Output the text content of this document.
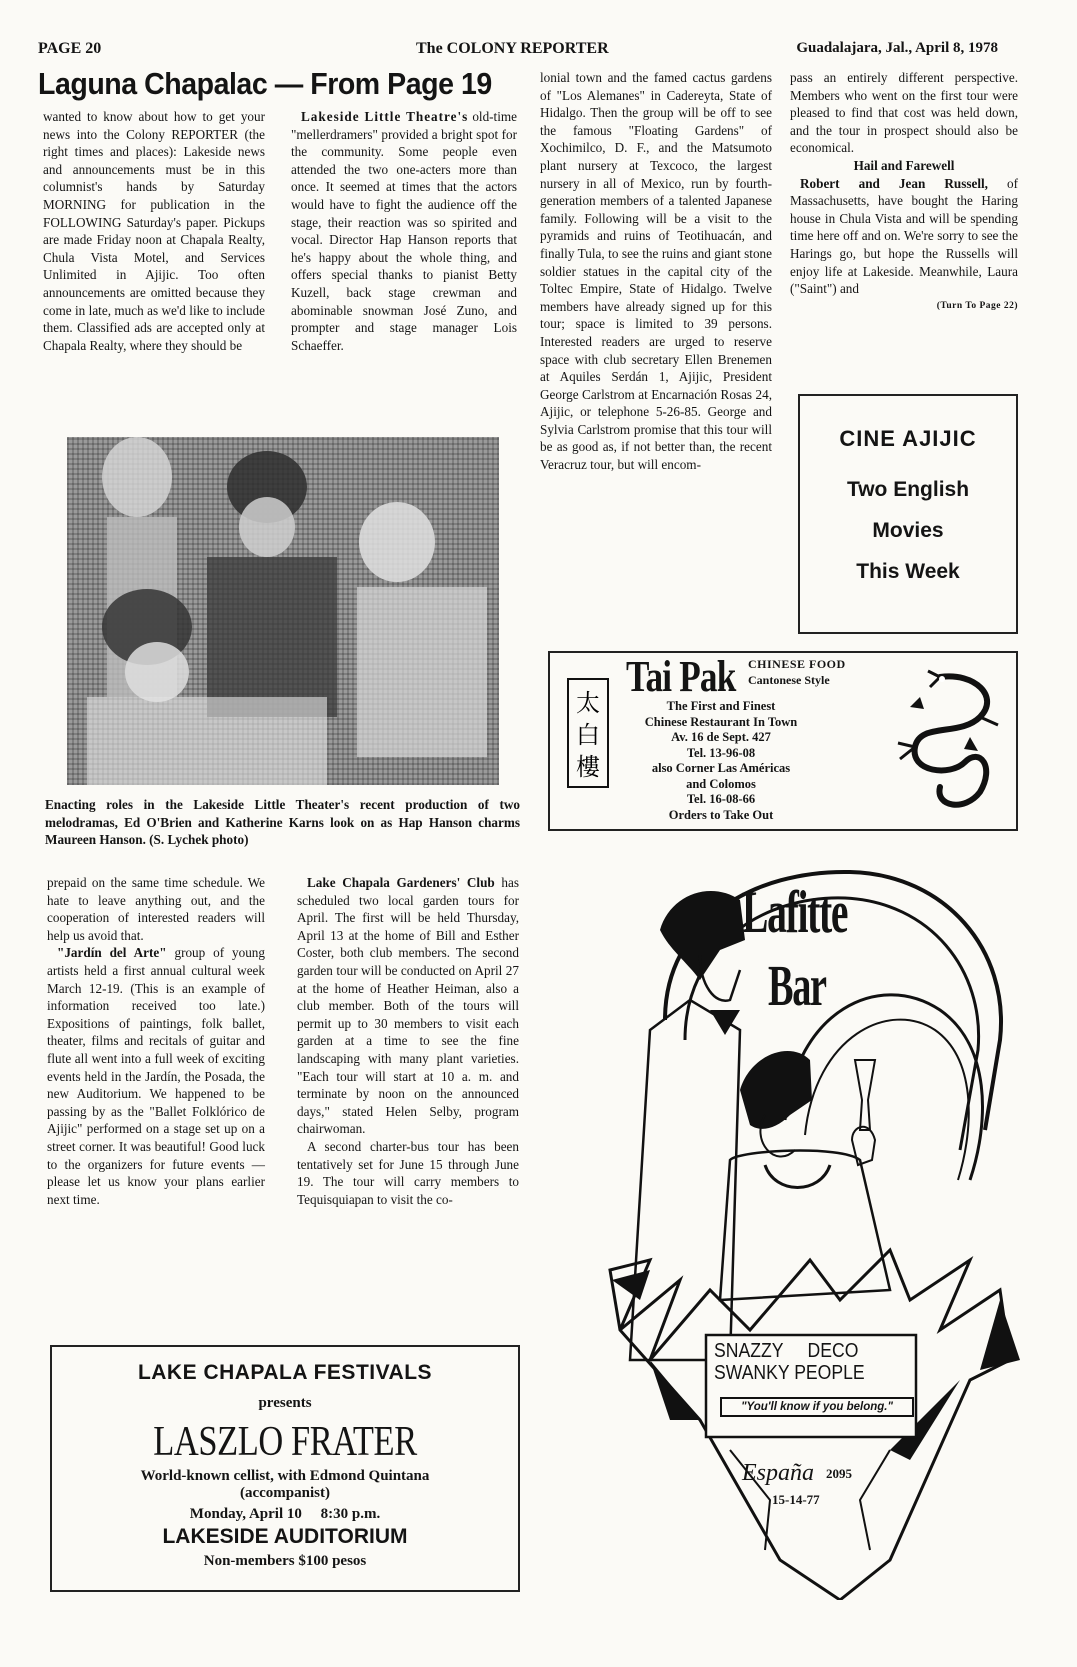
PAGE 20	The COLONY REPORTER	Guadalajara, Jal., April 8, 1978
Laguna Chapalac — From Page 19

wanted to know about how to get your news into the Colony REPORTER (the right times and places): Lakeside news and announcements must be in this columnist's hands by Saturday MORNING for publication in the FOLLOWING Saturday's paper. Pickups are made Friday noon at Chapala Realty, Chula Vista Motel, and Services Unlimited in Ajijic. Too often announcements are omitted because they come in late, much as we'd like to include them. Classified ads are accepted only at Chapala Realty, where they should be

Lakeside Little Theatre's old-time "mellerdramers" provided a bright spot for the community. Some people even attended the two one-acters more than once. It seemed at times that the actors would have to fight the audience off the stage, their reaction was so spirited and vocal. Director Hap Hanson reports that he's happy about the whole thing, and offers special thanks to pianist Betty Kuzell, back stage crewman and abominable snowman José Zuno, and prompter and stage manager Lois Schaeffer.

Enacting roles in the Lakeside Little Theater's recent production of two melodramas, Ed O'Brien and Katherine Karns look on as Hap Hanson charms Maureen Hanson. (S. Lychek photo)

prepaid on the same time schedule. We hate to leave anything out, and the cooperation of interested readers will help us avoid that.

"Jardín del Arte" group of young artists held a first annual cultural week March 12-19. (This is an example of information received too late.) Expositions of paintings, folk ballet, theater, films and recitals of guitar and flute all went into a full week of exciting events held in the Jardín, the Posada, the new Auditorium. We happened to be passing by as the "Ballet Folklórico de Ajijic" performed on a stage set up on a street corner. It was beautiful! Good luck to the organizers for future events — please let us know your plans earlier next time.

Lake Chapala Gardeners' Club has scheduled two local garden tours for April. The first will be held Thursday, April 13 at the home of Bill and Esther Coster, both club members. The second garden tour will be conducted on April 27 at the home of Heather Heiman, also a club member. Both of the tours will permit up to 30 members to visit each garden at a time to see the fine landscaping with many plant varieties. "Each tour will start at 10 a. m. and terminate by noon on the announced days," stated Helen Selby, program chairwoman.

A second charter-bus tour has been tentatively set for June 15 through June 19. The tour will carry members to Tequisquiapan to visit the co-

lonial town and the famed cactus gardens of "Los Alemanes" in Cadereyta, State of Hidalgo. Then the group will be off to see the famous "Floating Gardens" of Xochimilco, D. F., and the Matsumoto plant nursery at Texcoco, the largest nursery in all of Mexico, run by fourth-generation members of a talented Japanese family. Following will be a visit to the pyramids and ruins of Teotihuacán, and finally Tula, to see the ruins and giant stone soldier statues in the capital city of the Toltec Empire, State of Hidalgo. Twelve members have already signed up for this tour; space is limited to 39 persons. Interested readers are urged to reserve space with club secretary Ellen Brenemen at Aquiles Serdán 1, Ajijic, President George Carlstrom at Encarnación Rosas 24, Ajijic, or telephone 5-26-85. George and Sylvia Carlstrom promise that this tour will be as good as, if not better than, the recent Veracruz tour, but will encom-

pass an entirely different perspective. Members who went on the first tour were pleased to find that cost was held down, and the tour in prospect should also be economical.

Hail and Farewell

Robert and Jean Russell, of Massachusetts, have bought the Haring house in Chula Vista and will be spending time here off and on. We're sorry to see the Harings go, but hope the Russells will enjoy life at Lakeside. Meanwhile, Laura ("Saint") and

(Turn To Page 22)
CINE AJIJIC
Two English
Movies
This Week
太
白
樓
Tai Pak CHINESE FOOD
Cantonese Style
The First and Finest
Chinese Restaurant In Town
Av. 16 de Sept. 427
Tel. 13-96-08
also Corner Las Américas
and Colomos
Tel. 16-08-66
Orders to Take Out
LAKE CHAPALA FESTIVALS
presents
LASZLO FRATER
World-known cellist, with Edmond Quintana
(accompanist)
Monday, April 10     8:30 p.m.
LAKESIDE AUDITORIUM
Non-members $100 pesos
Lafitte
Bar
SNAZZY     DECO
SWANKY PEOPLE
"You'll know if you belong."
España 2095
15-14-77
